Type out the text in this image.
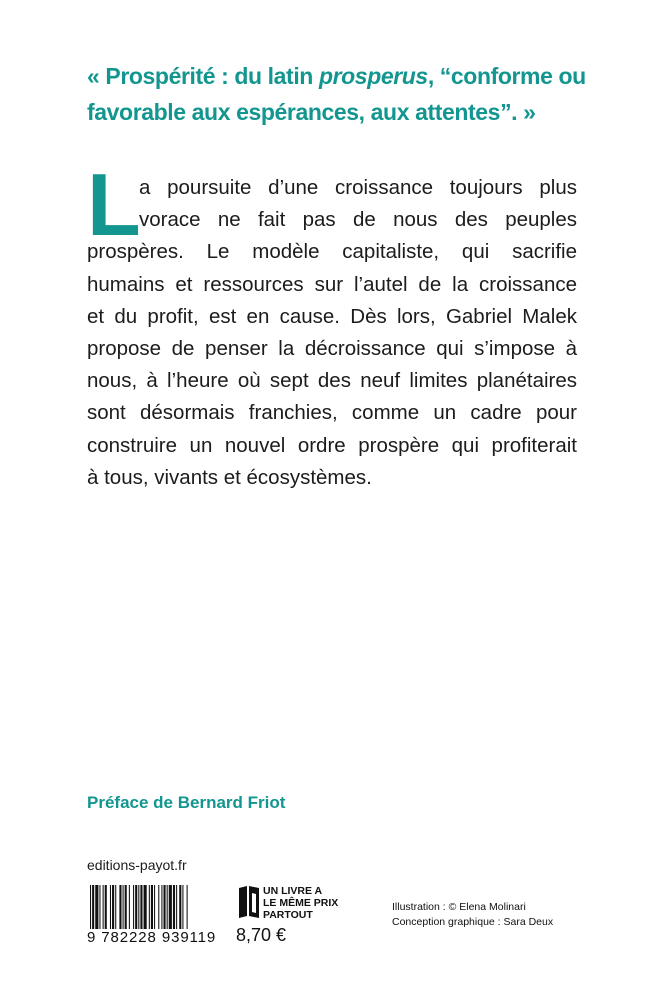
« Prospérité : du latin prosperus, “conforme ou
favorable aux espérances, aux attentes”. »
L
a poursuite d’une croissance toujours plus
vorace ne fait pas de nous des peuples
prospères. Le modèle capitaliste, qui sacrifie
humains et ressources sur l’autel de la croissance
et du profit, est en cause. Dès lors, Gabriel Malek
propose de penser la décroissance qui s’impose à
nous, à l’heure où sept des neuf limites planétaires
sont désormais franchies, comme un cadre pour
construire un nouvel ordre prospère qui profiterait
à tous, vivants et écosystèmes.
Préface de Bernard Friot
editions-payot.fr
9 782228 939119
UN LIVRE A
LE MÊME PRIX
PARTOUT
8,70 €
Illustration : © Elena Molinari
Conception graphique : Sara Deux
